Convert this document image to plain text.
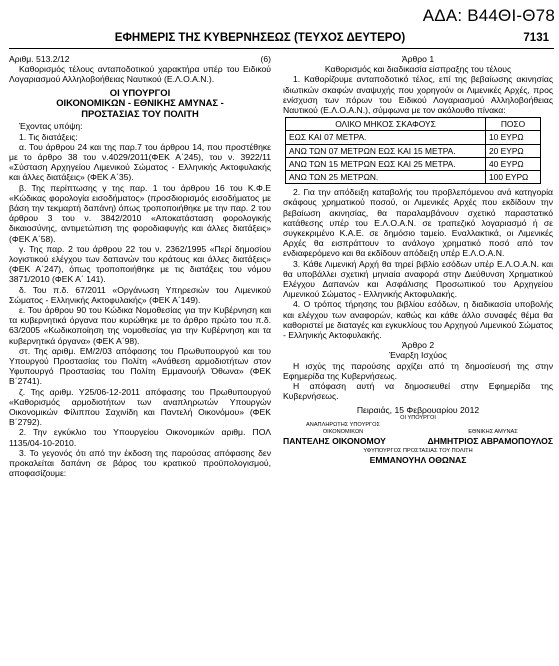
ΑΔΑ: Β44ΘΙ-Θ78
ΕΦΗΜΕΡΙΣ ΤΗΣ ΚΥΒΕΡΝΗΣΕΩΣ (ΤΕΥΧΟΣ ΔΕΥΤΕΡΟ)	7131
Αριθμ. 513.2/12	(6)

Καθορισμός τέλους ανταποδοτικού χαρακτήρα υπέρ του Ειδικού Λογαριασμού Αλληλοβοήθειας Ναυτικού (Ε.Λ.Ο.Α.Ν.).

ΟΙ ΥΠΟΥΡΓΟΙ
ΟΙΚΟΝΟΜΙΚΩΝ - ΕΘΝΙΚΗΣ ΑΜΥΝΑΣ -
ΠΡΟΣΤΑΣΙΑΣ ΤΟΥ ΠΟΛΙΤΗ

Έχοντας υπόψη:

1. Τις διατάξεις:

α. Του άρθρου 24 και της παρ.7 του άρθρου 14, που προστέθηκε με το άρθρο 38 του ν.4029/2011(ΦΕΚ Α΄245), του ν. 3922/11 «Σύσταση Αρχηγείου Λιμενικού Σώματος - Ελληνικής Ακτοφυλακής και άλλες διατάξεις» (ΦΕΚ Α΄35).

β. Της περίπτωσης γ της παρ. 1 του άρθρου 16 του Κ.Φ.Ε «Κώδικας φορολογία εισοδήματος» (προσδιορισμός εισοδήματος με βάση την τεκμαρτή δαπάνη) όπως τροποποιήθηκε με την παρ. 2 του άρθρου 3 του ν. 3842/2010 «Αποκατάσταση φορολογικής δικαιοσύνης, αντιμετώπιση της φοροδιαφυγής και άλλες διατάξεις» (ΦΕΚ Α΄58).

γ. Της παρ. 2 του άρθρου 22 του ν. 2362/1995 «Περί δημοσίου λογιστικού ελέγχου των δαπανών του κράτους και άλλες διατάξεις» (ΦΕΚ Α΄247), όπως τροποποιήθηκε με τις διατάξεις του νόμου 3871/2010 (ΦΕΚ Α΄ 141).

δ. Του π.δ. 67/2011 «Οργάνωση Υπηρεσιών του Λιμενικού Σώματος - Ελληνικής Ακτοφυλακής» (ΦΕΚ Α΄149).

ε. Του άρθρου 90 του Κώδικα Νομοθεσίας για την Κυβέρνηση και τα κυβερνητικά όργανα που κυρώθηκε με το άρθρο πρώτο του π.δ. 63/2005 «Κωδικοποίηση της νομοθεσίας για την Κυβέρνηση και τα κυβερνητικά όργανα» (ΦΕΚ Α΄98).

στ. Της αριθμ. ΕΜ/2/03 απόφασης του Πρωθυπουργού και του Υπουργού Προστασίας του Πολίτη «Ανάθεση αρμοδιοτήτων στον Υφυπουργό Προστασίας του Πολίτη Εμμανουήλ Όθωνα» (ΦΕΚ Β΄2741).

ζ. Της αριθμ. Υ25/06-12-2011 απόφασης του Πρωθυπουργού «Καθορισμός αρμοδιοτήτων των αναπληρωτών Υπουργών Οικονομικών Φίλιππου Σαχινίδη και Παντελή Οικονόμου» (ΦΕΚ Β΄2792).

2. Την εγκύκλιο του Υπουργείου Οικονομικών αριθμ. ΠΟΛ 1135/04-10-2010.

3. Το γεγονός ότι από την έκδοση της παρούσας απόφασης δεν προκαλείται δαπάνη σε βάρος του κρατικού προϋπολογισμού, αποφασίζουμε:

Άρθρο 1

Καθορισμός και διαδικασία είσπραξης του τέλους

1. Καθορίζουμε ανταποδοτικό τέλος, επί της βεβαίωσης ακινησίας ιδιωτικών σκαφών αναψυχής που χορηγούν οι Λιμενικές Αρχές, προς ενίσχυση των πόρων του Ειδικού Λογαριασμού Αλληλοβοήθειας Ναυτικού (Ε.Λ.Ο.Α.Ν.), σύμφωνα με τον ακόλουθο πίνακα:

ΟΛΙΚΟ ΜΗΚΟΣ ΣΚΑΦΟΥΣ	ΠΟΣΟ
ΕΩΣ ΚΑΙ 07 ΜΕΤΡΑ.	10 ΕΥΡΩ
ΑΝΩ ΤΩΝ 07 ΜΕΤΡΩΝ ΕΩΣ ΚΑΙ 15 ΜΕΤΡΑ.	20 ΕΥΡΩ
ΑΝΩ ΤΩΝ 15 ΜΕΤΡΩΝ ΕΩΣ ΚΑΙ 25 ΜΕΤΡΑ.	40 ΕΥΡΩ
ΑΝΩ ΤΩΝ 25 ΜΕΤΡΩΝ.	100 ΕΥΡΩ

2. Για την απόδειξη καταβολής του προβλεπόμενου ανά κατηγορία σκάφους χρηματικού ποσού, οι Λιμενικές Αρχές που εκδίδουν την βεβαίωση ακινησίας, θα παραλαμβάνουν σχετικό παραστατικό κατάθεσης υπέρ του Ε.Λ.Ο.Α.Ν. σε τραπεζικό λογαριασμό ή σε συγκεκριμένο Κ.Α.Ε. σε δημόσιο ταμείο. Εναλλακτικά, οι Λιμενικές Αρχές θα εισπράττουν το ανάλογο χρηματικό ποσό από τον ενδιαφερόμενο και θα εκδίδουν απόδειξη υπέρ Ε.Λ.Ο.Α.Ν.

3. Κάθε Λιμενική Αρχή θα τηρεί βιβλίο εσόδων υπέρ Ε.Λ.Ο.Α.Ν. και θα υποβάλλει σχετική μηνιαία αναφορά στην Διεύθυνση Χρηματικού Ελέγχου Δαπανών και Ασφάλισης Προσωπικού του Αρχηγείου Λιμενικού Σώματος - Ελληνικής Ακτοφυλακής.

4. Ο τρόπος τήρησης του βιβλίου εσόδων, η διαδικασία υποβολής και ελέγχου των αναφορών, καθώς και κάθε άλλο συναφές θέμα θα καθοριστεί με διαταγές και εγκυκλίους του Αρχηγού Λιμενικού Σώματος - Ελληνικής Ακτοφυλακής.

Άρθρο 2

Έναρξη Ισχύος

Η ισχύς της παρούσης αρχίζει από τη δημοσίευσή της στην Εφημερίδα της Κυβερνήσεως.

Η απόφαση αυτή να δημοσιευθεί στην Εφημερίδα της Κυβερνήσεως.

Πειραιάς, 15 Φεβρουαρίου 2012

ΟΙ ΥΠΟΥΡΓΟΙ

ΑΝΑΠΛΗΡΩΤΗΣ ΥΠΟΥΡΓΟΣ
ΟΙΚΟΝΟΜΙΚΩΝ	ΕΘΝΙΚΗΣ ΑΜΥΝΑΣ
ΠΑΝΤΕΛΗΣ ΟΙΚΟΝΟΜΟΥ	ΔΗΜΗΤΡΙΟΣ ΑΒΡΑΜΟΠΟΥΛΟΣ

ΥΦΥΠΟΥΡΓΟΣ ΠΡΟΣΤΑΣΙΑΣ ΤΟΥ ΠΟΛΙΤΗ

ΕΜΜΑΝΟΥΗΛ ΟΘΩΝΑΣ
